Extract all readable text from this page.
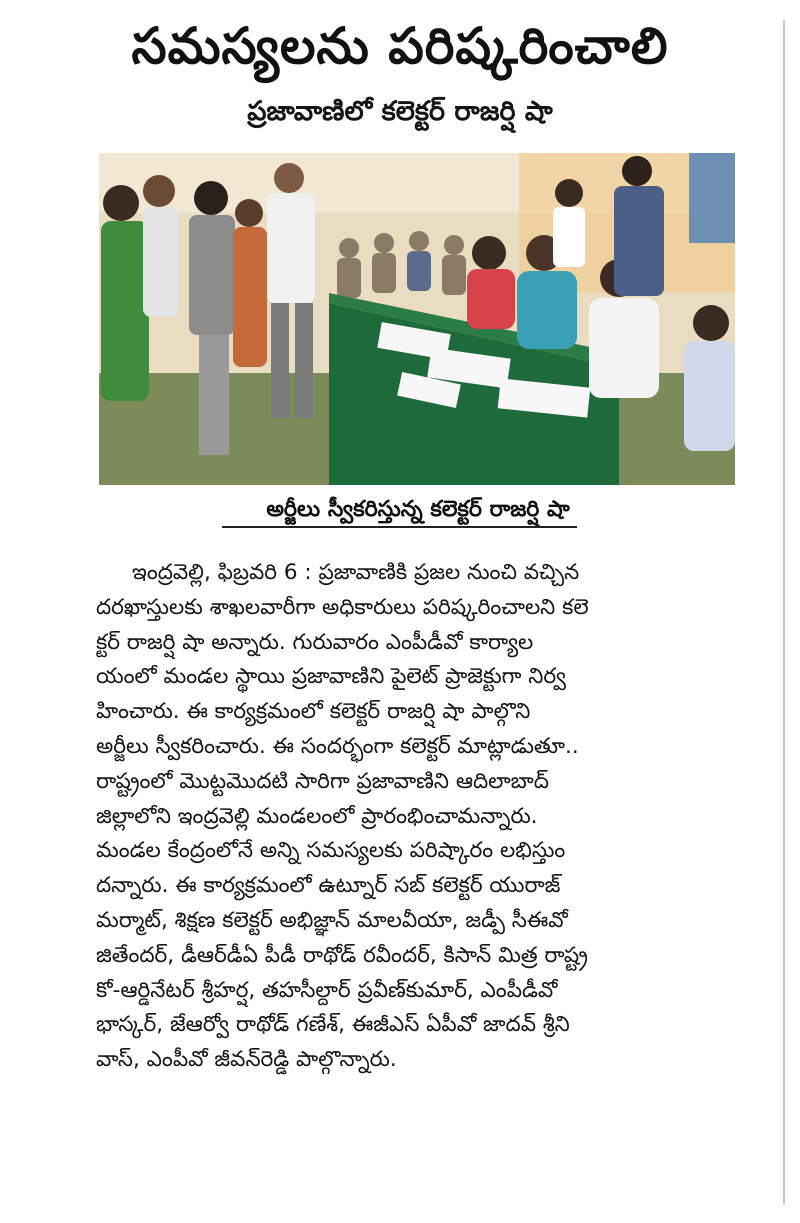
సమస్యలను పరిష్కరించాలి
ప్రజావాణిలో కలెక్టర్ రాజర్షి షా
అర్జీలు స్వీకరిస్తున్న కలెక్టర్ రాజర్షి షా
ఇంద్రవెల్లి, ఫిబ్రవరి 6 : ప్రజావాణికి ప్రజల నుంచి వచ్చిన
దరఖాస్తులకు శాఖలవారీగా అధికారులు పరిష్కరించాలని కలె
క్టర్ రాజర్షి షా అన్నారు. గురువారం ఎంపీడీవో కార్యాల
యంలో మండల స్థాయి ప్రజావాణిని పైలెట్ ప్రాజెక్టుగా నిర్వ
హించారు. ఈ కార్యక్రమంలో కలెక్టర్ రాజర్షి షా పాల్గొని
అర్జీలు స్వీకరించారు. ఈ సందర్భంగా కలెక్టర్ మాట్లాడుతూ..
రాష్ట్రంలో మొట్టమొదటి సారిగా ప్రజావాణిని ఆదిలాబాద్
జిల్లాలోని ఇంద్రవెల్లి మండలంలో ప్రారంభించామన్నారు.
మండల కేంద్రంలోనే అన్ని సమస్యలకు పరిష్కారం లభిస్తుం
దన్నారు. ఈ కార్యక్రమంలో ఉట్నూర్ సబ్ కలెక్టర్ యురాజ్
మర్మాట్, శిక్షణ కలెక్టర్ అభిజ్ఞాన్ మాలవీయా, జడ్పీ సీఈవో
జితేందర్, డీఆర్‌డీఏ పీడీ రాథోడ్ రవీందర్, కిసాన్ మిత్ర రాష్ట్ర
కో-ఆర్డినేటర్ శ్రీహర్ష, తహసీల్దార్ ప్రవీణ్‌కుమార్, ఎంపీడీవో
భాస్కర్, జేఆర్వో రాథోడ్ గణేశ్, ఈజీఎస్ ఏపీవో జాదవ్ శ్రీని
వాస్, ఎంపీవో జీవన్‌రెడ్డి పాల్గొన్నారు.
